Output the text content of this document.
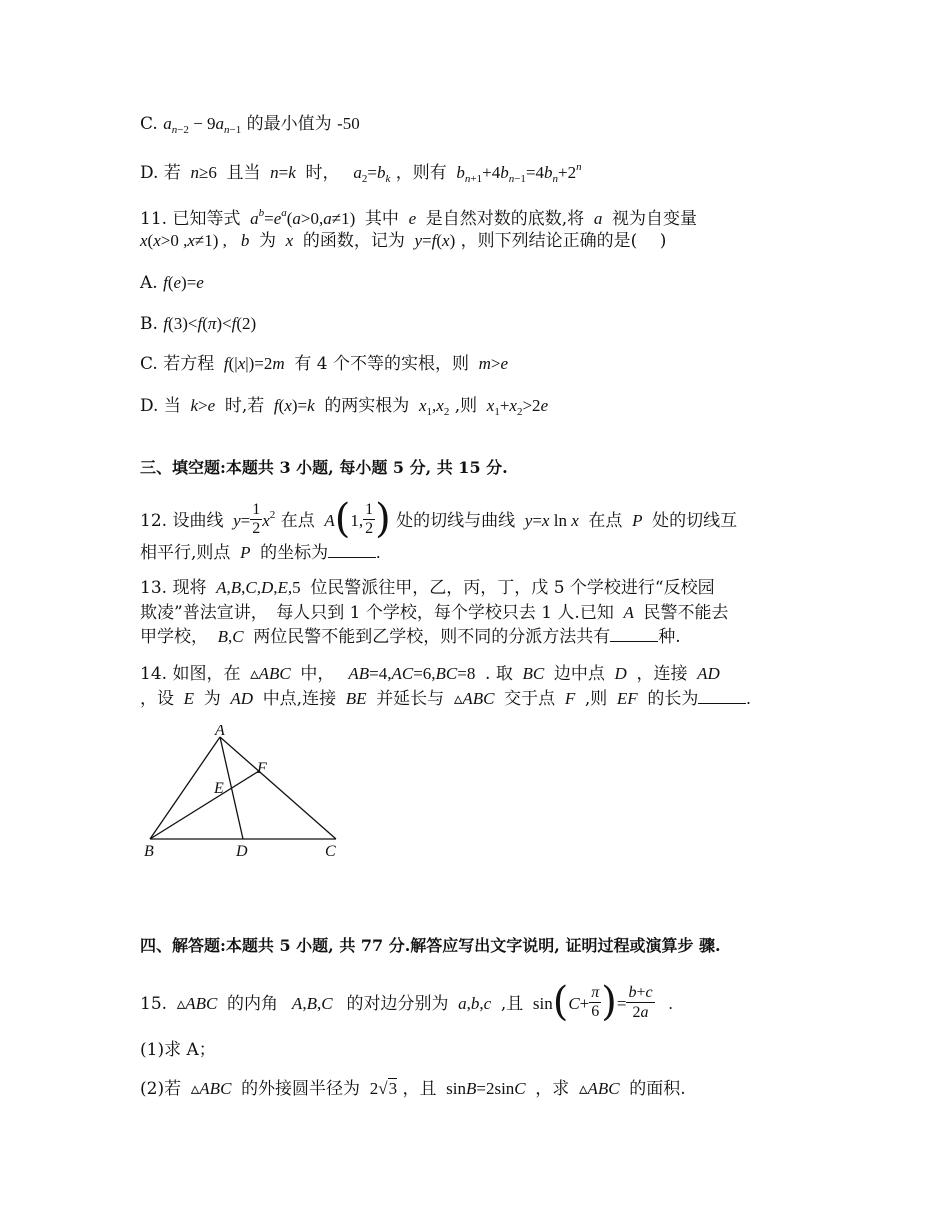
C. $a_{n-2} - 9a_{n-1}$ 的最小值为 -50
D. 若  n≥6  且当  n=k  时，   $a_2=b_k$ ，则有  $b_{n+1}+4b_{n-1}=4b_n+2^n$
11. 已知等式  $a^b=e^a(a>0,a\ne 1)$  其中  e  是自然对数的底数,将  a  视为自变量
x(x>0 ,x≠1) ,   b  为  x  的函数，记为  y=f(x) ，则下列结论正确的是(　 )
A. f(e)=e
B. f(3)<f(π)<f(2)
C. 若方程  f(|x|)=2m  有 4 个不等的实根，则  m>e
D. 当  k>e  时,若  f(x)=k  的两实根为  $x_1,x_2$ ,则  $x_1+x_2>2e$
三、填空题:本题共 3 小题, 每小题 5 分, 共 15 分.
12. 设曲线  $y= \frac{1}{2} x^2$ 在点  A(1, $\frac{1}{2}$ ) 处的切线与曲线  y=x ln x  在点  P  处的切线互
相平行,则点  P  的坐标为	.
13. 现将  A,B,C,D,E,5  位民警派往甲，乙，丙，丁，戊 5 个学校进行“反校园
欺凌”普法宣讲，　每人只到 1 个学校，每个学校只去 1 人.已知  A  民警不能去
甲学校，  B,C  两位民警不能到乙学校，则不同的分派方法共有	种.
14. 如图，在  ▵ABC  中，   AB=4,AC=6,BC=8  . 取  BC  边中点  D  ，连接  AD
，设  E  为  AD  中点,连接  BE  并延长与  ▵ABC  交于点  F  ,则  EF  的长为	.
A
B	C
D
E
F
四、解答题:本题共 5 小题, 共 77 分.解答应写出文字说明, 证明过程或演算步 骤.
15.  ▵ABC  的内角   A,B,C   的对边分别为  a,b,c  ,且  $\sin(C+ \frac{\pi}{6}$ )= $\frac{b+c}{2a}$ .
(1)求 A；
(2)若  ▵ABC  的外接圆半径为  2√3 ，且  sinB=2sinC  ，求  ▵ABC  的面积.
